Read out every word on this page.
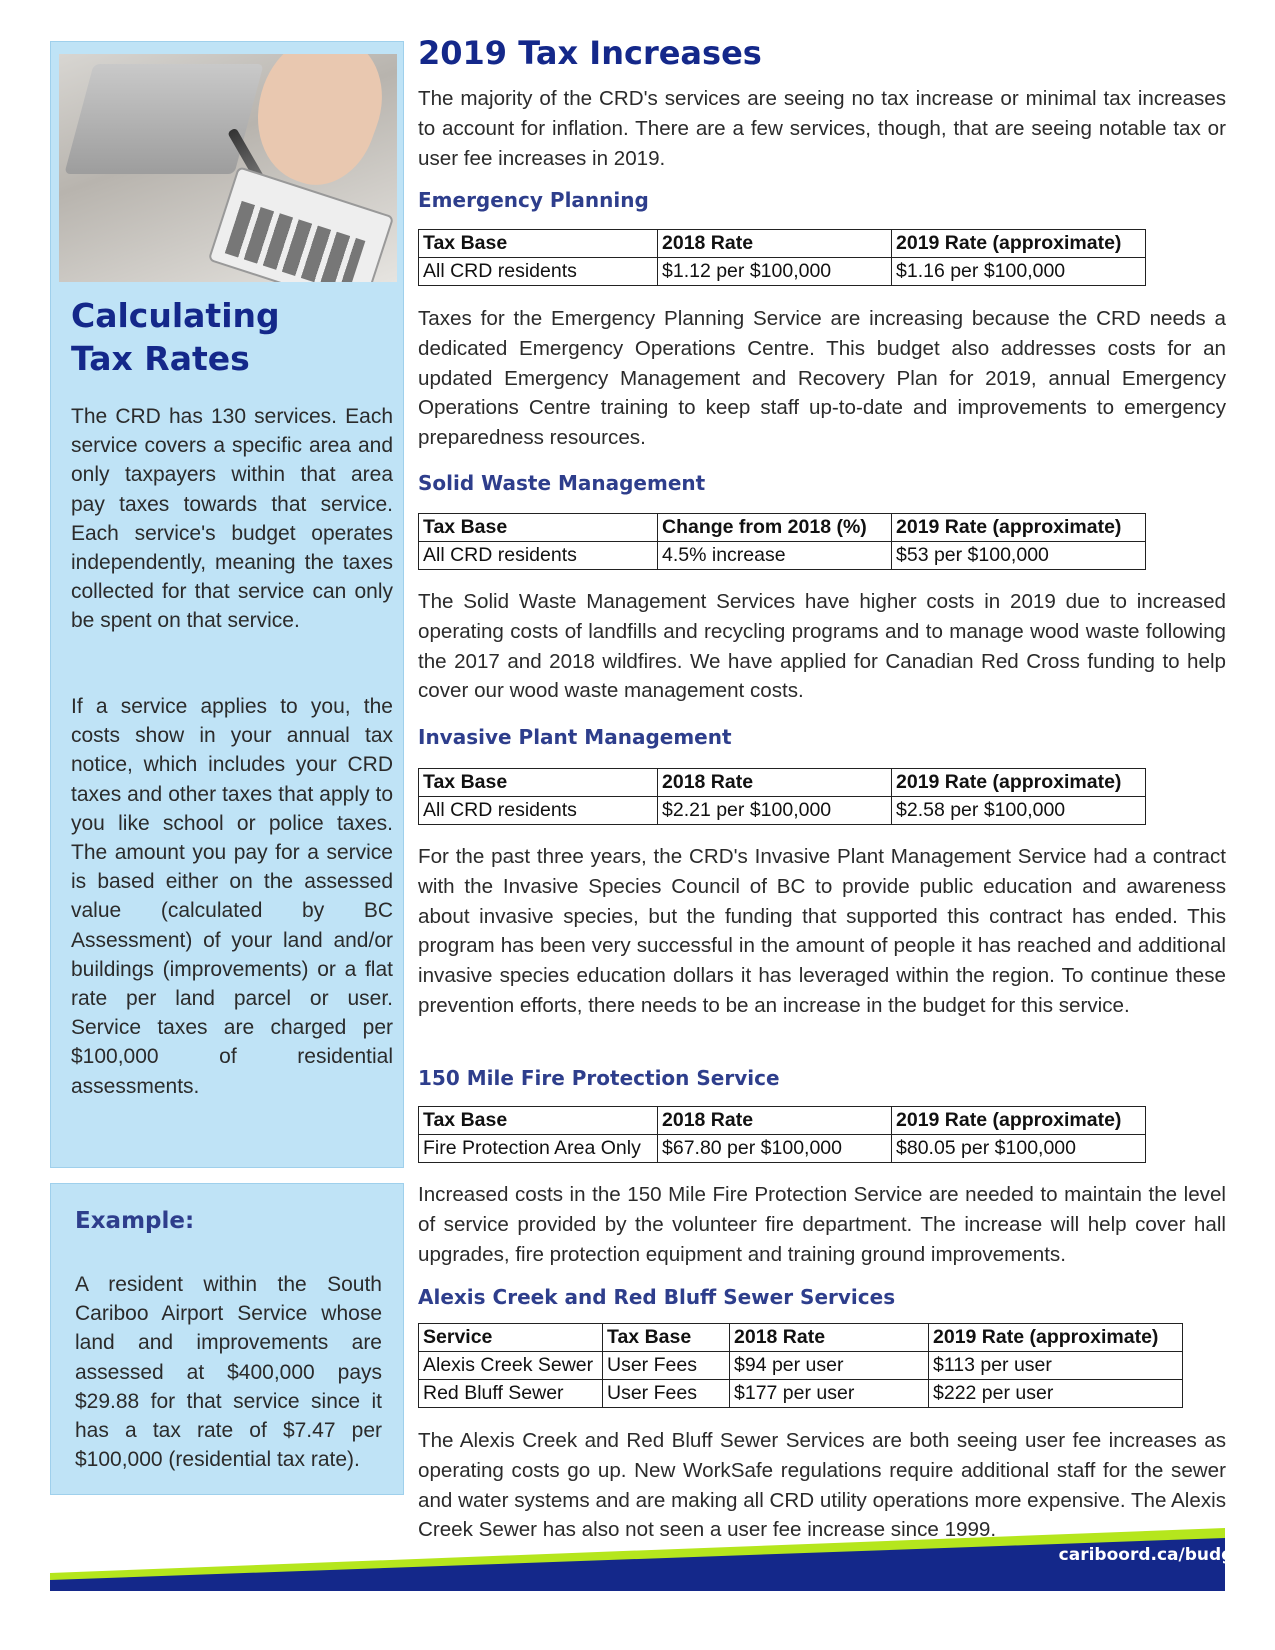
Calculating
Tax Rates
The CRD has 130 services. Each service covers a specific area and only taxpayers within that area pay taxes towards that service. Each service's budget operates independently, meaning the taxes collected for that service can only be spent on that service.
If a service applies to you, the costs show in your annual tax notice, which includes your CRD taxes and other taxes that apply to you like school or police taxes. The amount you pay for a service is based either on the assessed value (calculated by BC Assessment) of your land and/or buildings (improvements) or a flat rate per land parcel or user. Service taxes are charged per $100,000 of residential assessments.
Example:
A resident within the South Cariboo Airport Service whose land and improvements are assessed at $400,000 pays $29.88 for that service since it has a tax rate of $7.47 per $100,000 (residential tax rate).
2019 Tax Increases
The majority of the CRD's services are seeing no tax increase or minimal tax increases to account for inflation. There are a few services, though, that are seeing notable tax or user fee increases in 2019.
Emergency Planning
Tax Base	2018 Rate	2019 Rate (approximate)
All CRD residents	$1.12 per $100,000	$1.16 per $100,000
Taxes for the Emergency Planning Service are increasing because the CRD needs a dedicated Emergency Operations Centre. This budget also addresses costs for an updated Emergency Management and Recovery Plan for 2019, annual Emergency Operations Centre training to keep staff up-to-date and improvements to emergency preparedness resources.
Solid Waste Management
Tax Base	Change from 2018 (%)	2019 Rate (approximate)
All CRD residents	4.5% increase	$53 per $100,000
The Solid Waste Management Services have higher costs in 2019 due to increased operating costs of landfills and recycling programs and to manage wood waste following the 2017 and 2018 wildfires. We have applied for Canadian Red Cross funding to help cover our wood waste management costs.
Invasive Plant Management
Tax Base	2018 Rate	2019 Rate (approximate)
All CRD residents	$2.21 per $100,000	$2.58 per $100,000
For the past three years, the CRD's Invasive Plant Management Service had a contract with the Invasive Species Council of BC to provide public education and awareness about invasive species, but the funding that supported this contract has ended. This program has been very successful in the amount of people it has reached and additional invasive species education dollars it has leveraged within the region. To continue these prevention efforts, there needs to be an increase in the budget for this service.
150 Mile Fire Protection Service
Tax Base	2018 Rate	2019 Rate (approximate)
Fire Protection Area Only	$67.80 per $100,000	$80.05 per $100,000
Increased costs in the 150 Mile Fire Protection Service are needed to maintain the level of service provided by the volunteer fire department. The increase will help cover hall upgrades, fire protection equipment and training ground improvements.
Alexis Creek and Red Bluff Sewer Services
Service	Tax Base	2018 Rate	2019 Rate (approximate)
Alexis Creek Sewer	User Fees	$94 per user	$113 per user
Red Bluff Sewer	User Fees	$177 per user	$222 per user
The Alexis Creek and Red Bluff Sewer Services are both seeing user fee increases as operating costs go up. New WorkSafe regulations require additional staff for the sewer and water systems and are making all CRD utility operations more expensive. The Alexis Creek Sewer has also not seen a user fee increase since 1999.
cariboord.ca/budget
